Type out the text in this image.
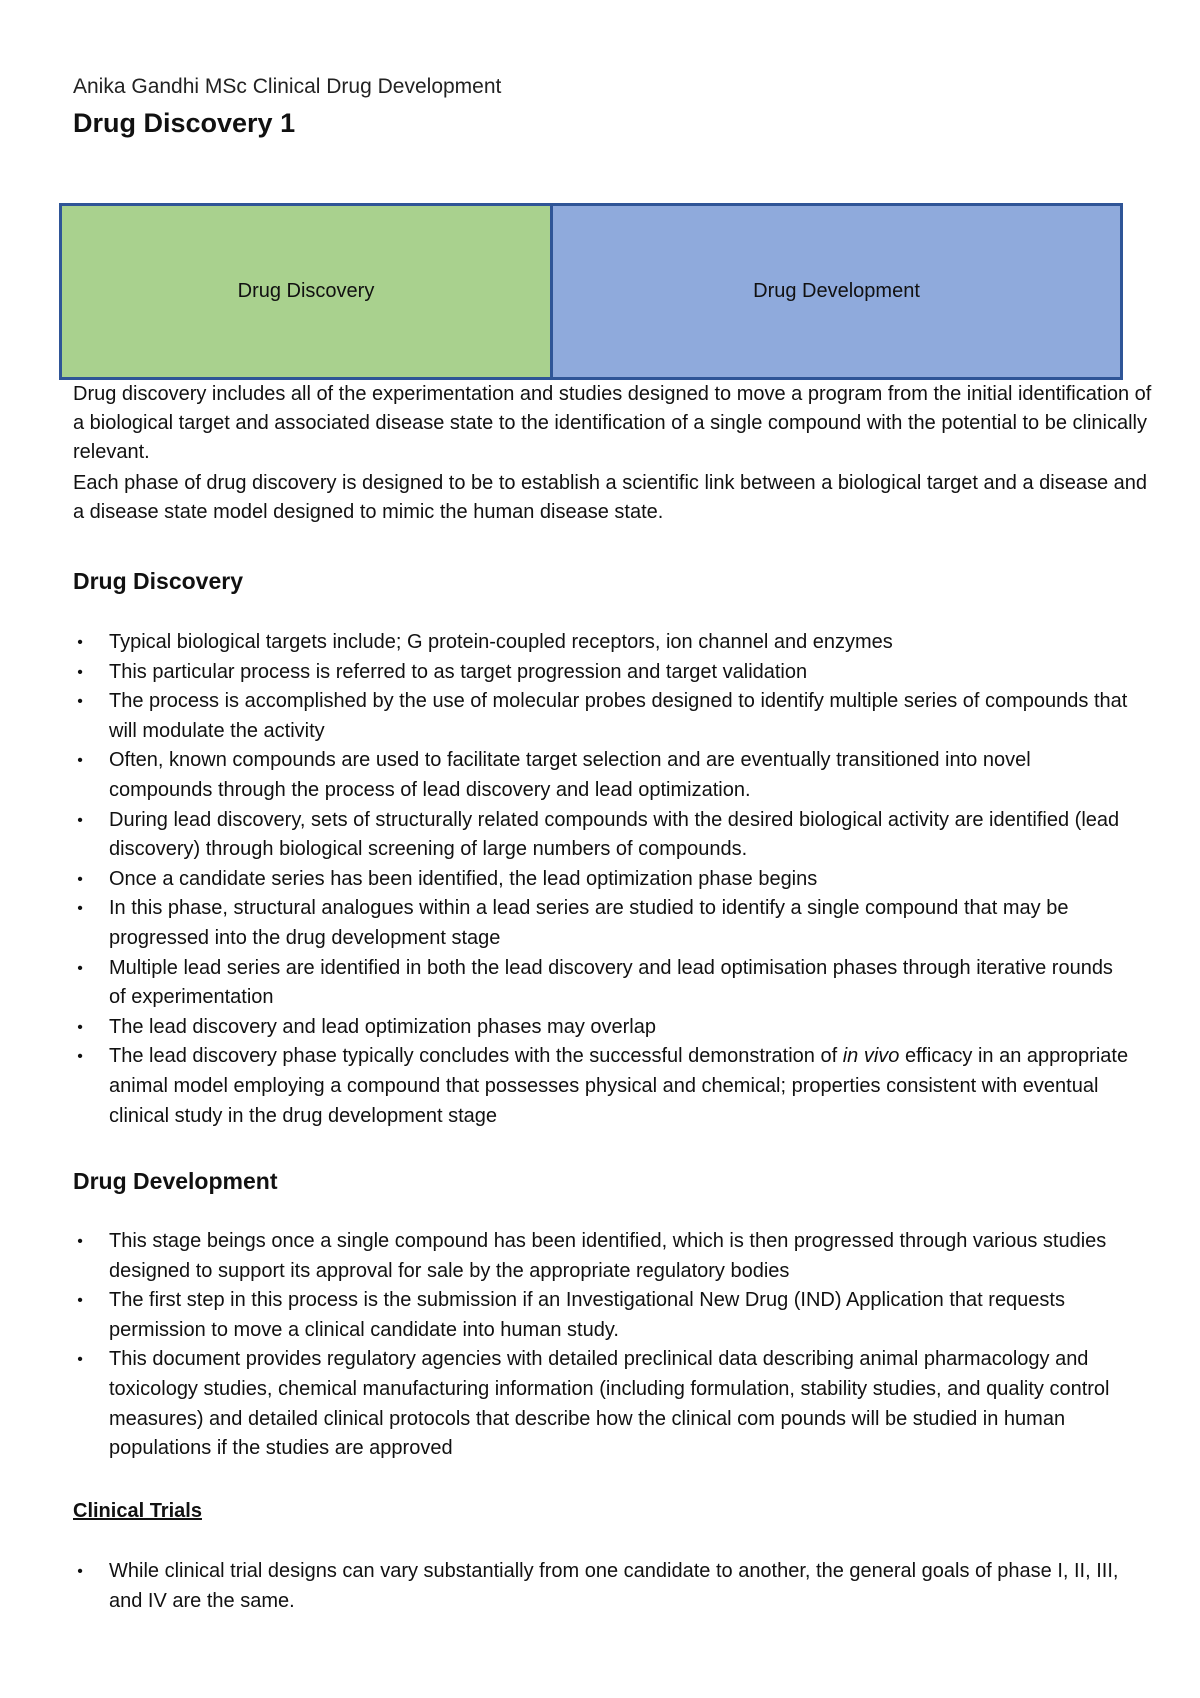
Anika Gandhi MSc Clinical Drug Development
Drug Discovery 1
Drug Discovery	Drug Development

Drug discovery includes all of the experimentation and studies designed to move a program from the initial identification of a biological target and associated disease state to the identification of a single compound with the potential to be clinically relevant.

Each phase of drug discovery is designed to be to establish a scientific link between a biological target and a disease and a disease state model designed to mimic the human disease state.

Drug Discovery
• Typical biological targets include; G protein-coupled receptors, ion channel and enzymes
• This particular process is referred to as target progression and target validation
• The process is accomplished by the use of molecular probes designed to identify multiple series of compounds that will modulate the activity
• Often, known compounds are used to facilitate target selection and are eventually transitioned into novel compounds through the process of lead discovery and lead optimization.
• During lead discovery, sets of structurally related compounds with the desired biological activity are identified (lead discovery) through biological screening of large numbers of compounds.
• Once a candidate series has been identified, the lead optimization phase begins
• In this phase, structural analogues within a lead series are studied to identify a single compound that may be progressed into the drug development stage
• Multiple lead series are identified in both the lead discovery and lead optimisation phases through iterative rounds of experimentation
• The lead discovery and lead optimization phases may overlap
• The lead discovery phase typically concludes with the successful demonstration of in vivo efficacy in an appropriate animal model employing a compound that possesses physical and chemical; properties consistent with eventual clinical study in the drug development stage
Drug Development
• This stage beings once a single compound has been identified, which is then progressed through various studies designed to support its approval for sale by the appropriate regulatory bodies
• The first step in this process is the submission if an Investigational New Drug (IND) Application that requests permission to move a clinical candidate into human study.
• This document provides regulatory agencies with detailed preclinical data describing animal pharmacology and toxicology studies, chemical manufacturing information (including formulation, stability studies, and quality control measures) and detailed clinical protocols that describe how the clinical com pounds will be studied in human populations if the studies are approved
Clinical Trials
• While clinical trial designs can vary substantially from one candidate to another, the general goals of phase I, II, III, and IV are the same.
